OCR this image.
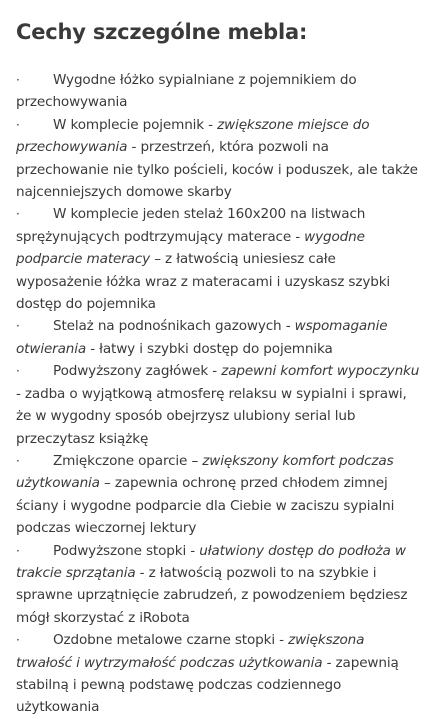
Cechy szczególne mebla:

· Wygodne łóżko sypialniane z pojemnikiem do przechowywania

· W komplecie pojemnik - zwiększone miejsce do przechowywania - przestrzeń, która pozwoli na przechowanie nie tylko pościeli, koców i poduszek, ale także najcenniejszych domowe skarby

· W komplecie jeden stelaż 160x200 na listwach sprężynujących podtrzymujący materace - wygodne podparcie materacy – z łatwością uniesiesz całe wyposażenie łóżka wraz z materacami i uzyskasz szybki dostęp do pojemnika

· Stelaż na podnośnikach gazowych - wspomaganie otwierania - łatwy i szybki dostęp do pojemnika

· Podwyższony zagłówek - zapewni komfort wypoczynku - zadba o wyjątkową atmosferę relaksu w sypialni i sprawi, że w wygodny sposób obejrzysz ulubiony serial lub przeczytasz książkę

· Zmiękczone oparcie – zwiększony komfort podczas użytkowania – zapewnia ochronę przed chłodem zimnej ściany i wygodne podparcie dla Ciebie w zaciszu sypialni podczas wieczornej lektury

· Podwyższone stopki - ułatwiony dostęp do podłoża w trakcie sprzątania - z łatwością pozwoli to na szybkie i sprawne uprzątnięcie zabrudzeń, z powodzeniem będziesz mógł skorzystać z iRobota

· Ozdobne metalowe czarne stopki - zwiększona trwałość i wytrzymałość podczas użytkowania - zapewnią stabilną i pewną podstawę podczas codziennego użytkowania
